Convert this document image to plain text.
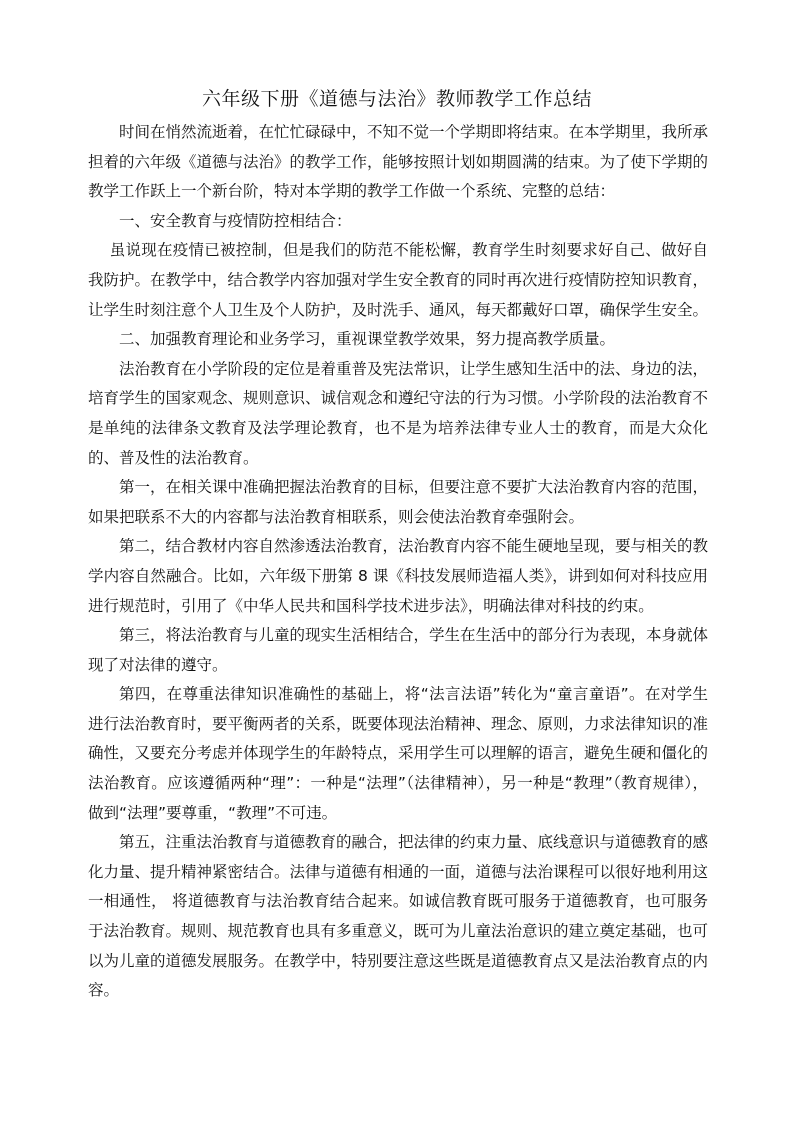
六年级下册《道德与法治》教师教学工作总结

时间在悄然流逝着，在忙忙碌碌中，不知不觉一个学期即将结束。在本学期里，我所承担着的六年级《道德与法治》的教学工作，能够按照计划如期圆满的结束。为了使下学期的教学工作跃上一个新台阶，特对本学期的教学工作做一个系统、完整的总结：

一、安全教育与疫情防控相结合：

虽说现在疫情已被控制，但是我们的防范不能松懈，教育学生时刻要求好自己、做好自我防护。在教学中，结合教学内容加强对学生安全教育的同时再次进行疫情防控知识教育，让学生时刻注意个人卫生及个人防护，及时洗手、通风，每天都戴好口罩，确保学生安全。

二、加强教育理论和业务学习，重视课堂教学效果，努力提高教学质量。

法治教育在小学阶段的定位是着重普及宪法常识，让学生感知生活中的法、身边的法，培育学生的国家观念、规则意识、诚信观念和遵纪守法的行为习惯。小学阶段的法治教育不是单纯的法律条文教育及法学理论教育，也不是为培养法律专业人士的教育，而是大众化的、普及性的法治教育。

第一，在相关课中准确把握法治教育的目标，但要注意不要扩大法治教育内容的范围，如果把联系不大的内容都与法治教育相联系，则会使法治教育牵强附会。

第二，结合教材内容自然渗透法治教育，法治教育内容不能生硬地呈现，要与相关的教学内容自然融合。比如，六年级下册第 8 课《科技发展师造福人类》，讲到如何对科技应用进行规范时，引用了《中华人民共和国科学技术进步法》，明确法律对科技的约束。

第三，将法治教育与儿童的现实生活相结合，学生在生活中的部分行为表现，本身就体现了对法律的遵守。

第四，在尊重法律知识准确性的基础上，将“法言法语”转化为“童言童语”。在对学生进行法治教育时，要平衡两者的关系，既要体现法治精神、理念、原则，力求法律知识的准确性，又要充分考虑并体现学生的年龄特点，采用学生可以理解的语言，避免生硬和僵化的法治教育。应该遵循两种“理”：一种是“法理”（法律精神），另一种是“教理”（教育规律），做到“法理”要尊重，“教理”不可违。

第五，注重法治教育与道德教育的融合，把法律的约束力量、底线意识与道德教育的感化力量、提升精神紧密结合。法律与道德有相通的一面，道德与法治课程可以很好地利用这一相通性， 将道德教育与法治教育结合起来。如诚信教育既可服务于道德教育，也可服务于法治教育。规则、规范教育也具有多重意义，既可为儿童法治意识的建立奠定基础，也可以为儿童的道德发展服务。在教学中，特别要注意这些既是道德教育点又是法治教育点的内容。
